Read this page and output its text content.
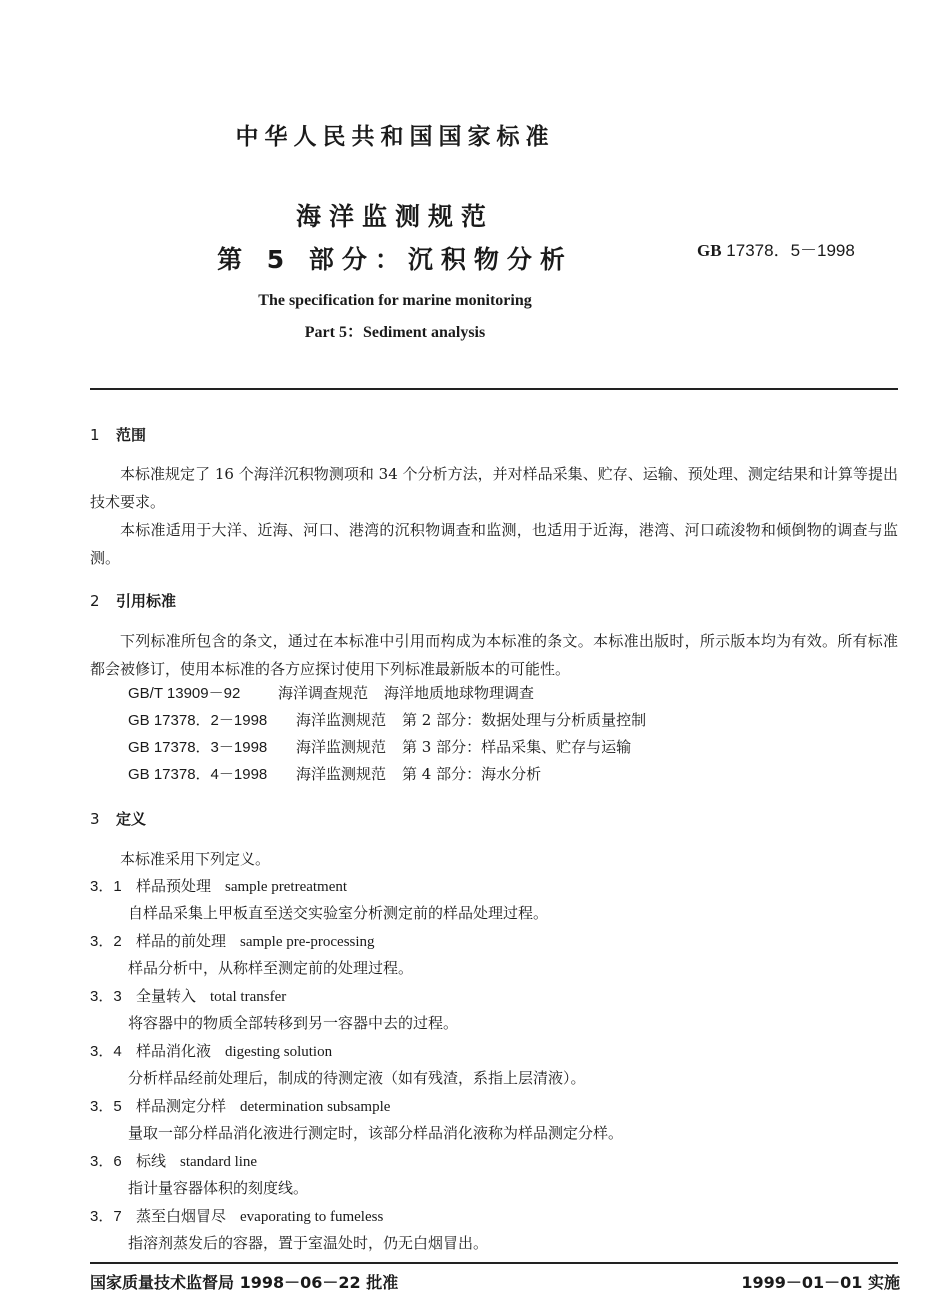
中华人民共和国国家标准
海洋监测规范
第 5 部分：沉积物分析	GB 17378．5－1998
The specification for marine monitoring
Part 5：Sediment analysis
1 范围
本标准规定了 16 个海洋沉积物测项和 34 个分析方法，并对样品采集、贮存、运输、预处理、测定结果和计算等提出技术要求。
本标准适用于大洋、近海、河口、港湾的沉积物调查和监测，也适用于近海，港湾、河口疏浚物和倾倒物的调查与监测。
2 引用标准
下列标准所包含的条文，通过在本标准中引用而构成为本标准的条文。本标准出版时，所示版本均为有效。所有标准都会被修订，使用本标准的各方应探讨使用下列标准最新版本的可能性。
GB/T 13909－92	海洋调查规范 海洋地质地球物理调查
GB 17378．2－1998 海洋监测规范 第 2 部分：数据处理与分析质量控制
GB 17378．3－1998 海洋监测规范 第 3 部分：样品采集、贮存与运输
GB 17378．4－1998 海洋监测规范 第 4 部分：海水分析
3 定义
本标准采用下列定义。
3．1 样品预处理 sample pretreatment
自样品采集上甲板直至送交实验室分析测定前的样品处理过程。
3．2 样品的前处理 sample pre-processing
样品分析中，从称样至测定前的处理过程。
3．3 全量转入 total transfer
将容器中的物质全部转移到另一容器中去的过程。
3．4 样品消化液 digesting solution
分析样品经前处理后，制成的待测定液（如有残渣，系指上层清液）。
3．5 样品测定分样 determination subsample
量取一部分样品消化液进行测定时，该部分样品消化液称为样品测定分样。
3．6 标线 standard line
指计量容器体积的刻度线。
3．7 蒸至白烟冒尽 evaporating to fumeless
指溶剂蒸发后的容器，置于室温处时，仍无白烟冒出。
国家质量技术监督局 1998－06－22 批准	1999－01－01 实施
